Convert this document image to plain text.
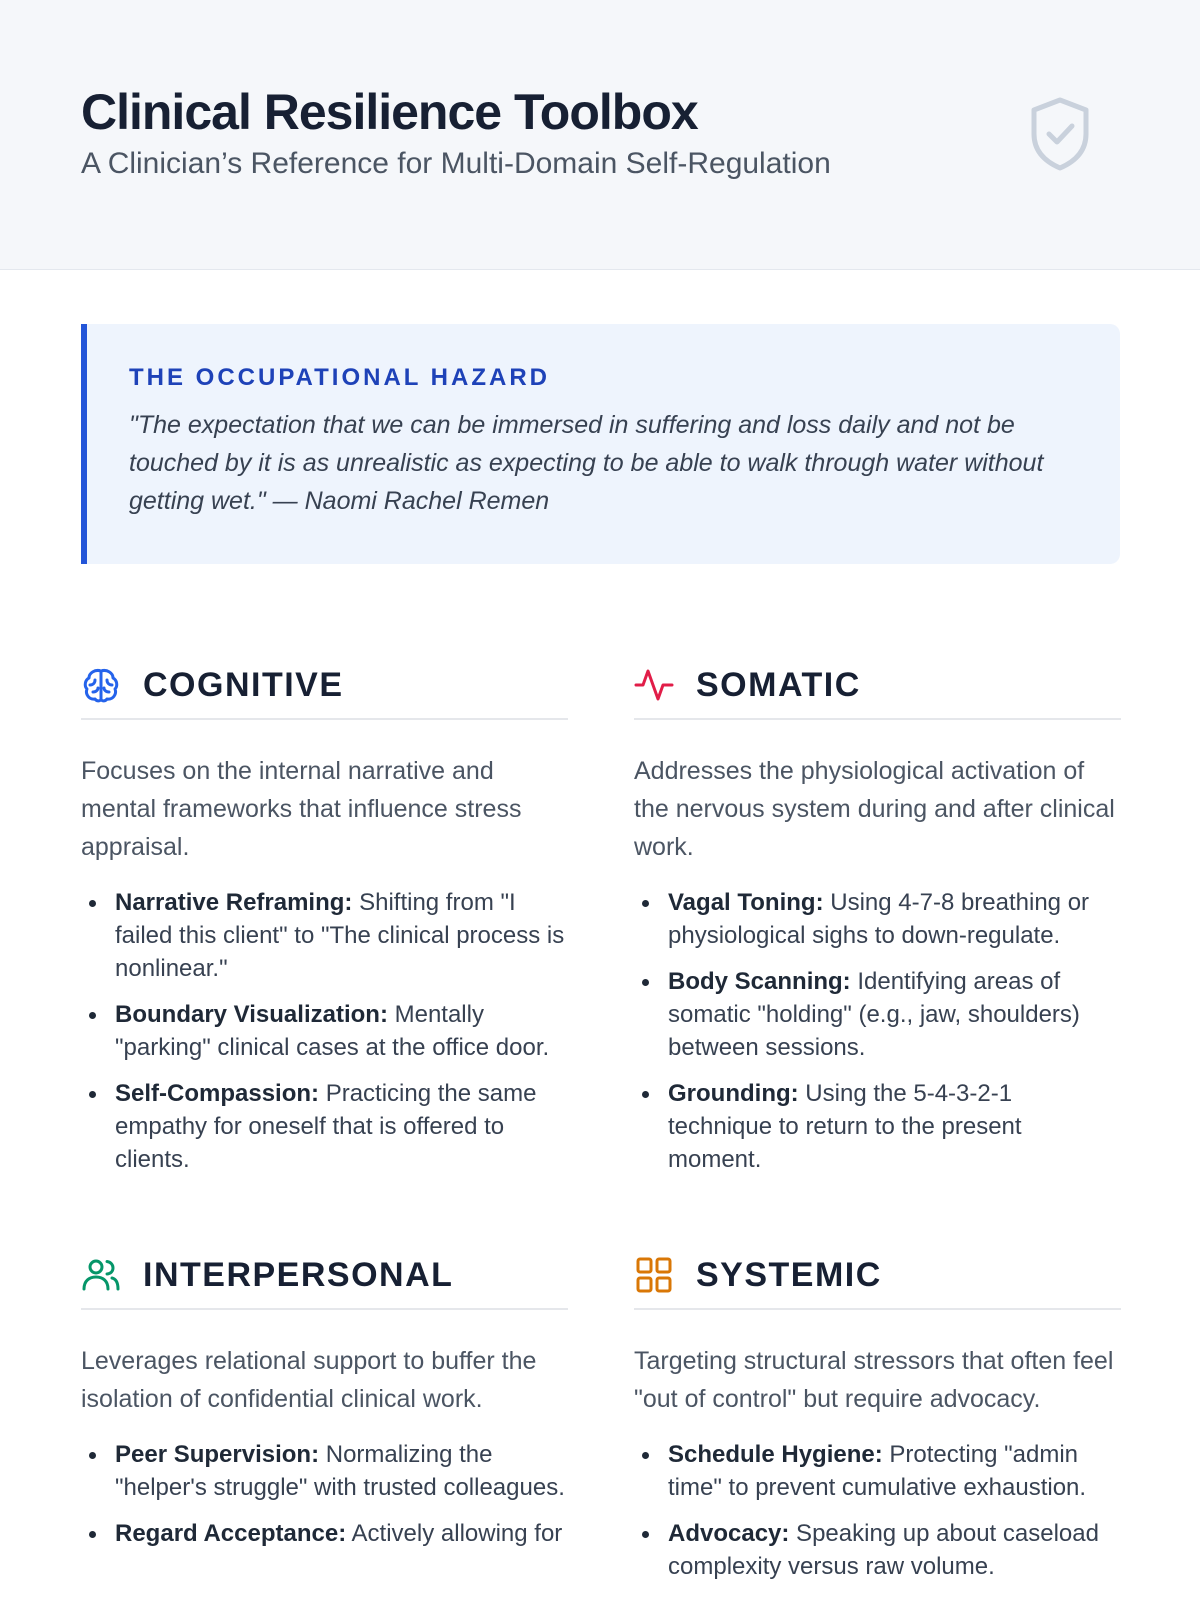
Clinical Resilience Toolbox
A Clinician’s Reference for Multi-Domain Self-Regulation
THE OCCUPATIONAL HAZARD
"The expectation that we can be immersed in suffering and loss daily and not be touched by it is as unrealistic as expecting to be able to walk through water without getting wet." — Naomi Rachel Remen
COGNITIVE
Focuses on the internal narrative and mental frameworks that influence stress appraisal.
Narrative Reframing: Shifting from "I failed this client" to "The clinical process is nonlinear."
Boundary Visualization: Mentally "parking" clinical cases at the office door.
Self-Compassion: Practicing the same empathy for oneself that is offered to clients.
SOMATIC
Addresses the physiological activation of the nervous system during and after clinical work.
Vagal Toning: Using 4-7-8 breathing or physiological sighs to down-regulate.
Body Scanning: Identifying areas of somatic "holding" (e.g., jaw, shoulders) between sessions.
Grounding: Using the 5-4-3-2-1 technique to return to the present moment.
INTERPERSONAL
Leverages relational support to buffer the isolation of confidential clinical work.
Peer Supervision: Normalizing the "helper's struggle" with trusted colleagues.
Regard Acceptance: Actively allowing for
SYSTEMIC
Targeting structural stressors that often feel "out of control" but require advocacy.
Schedule Hygiene: Protecting "admin time" to prevent cumulative exhaustion.
Advocacy: Speaking up about caseload complexity versus raw volume.
